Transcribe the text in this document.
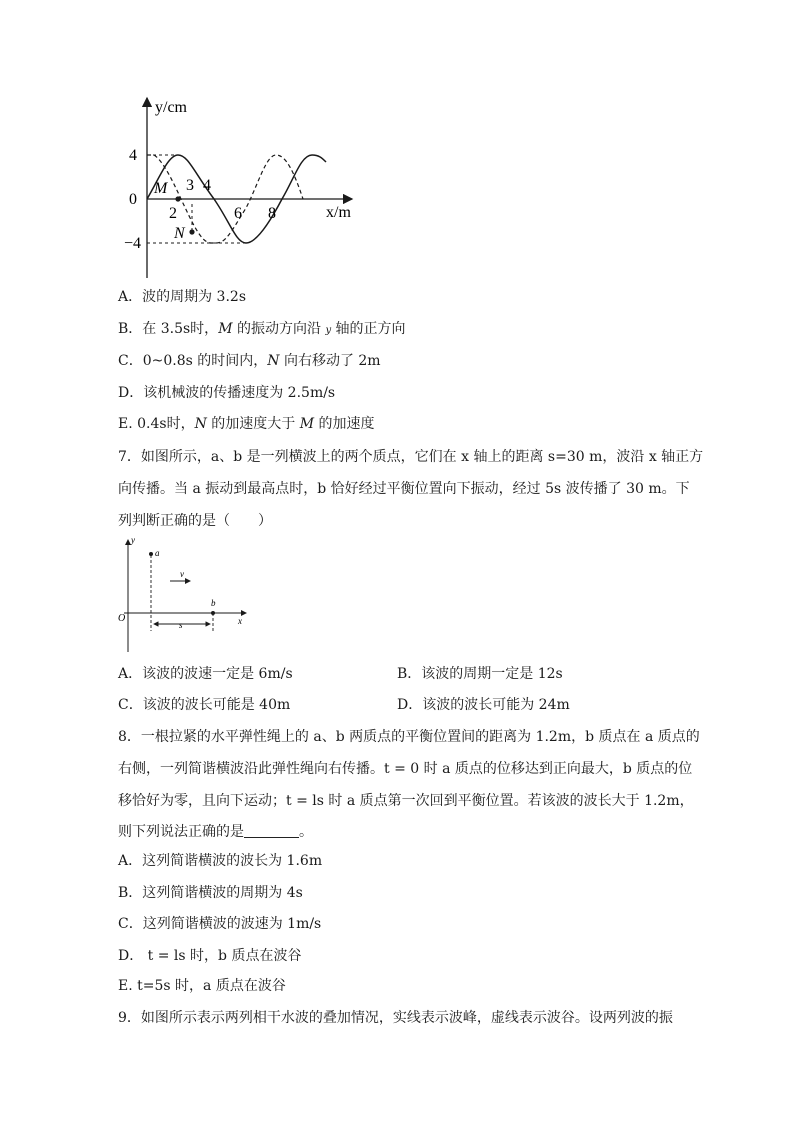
y/cm
x/m
4
0
−4
M 3 4
2	6 8
N
A．波的周期为 3.2s
B．在 3.5s时，M 的振动方向沿 y 轴的正方向
C．0~0.8s 的时间内，N 向右移动了 2m
D．该机械波的传播速度为 2.5m/s
E. 0.4s时，N 的加速度大于 M 的加速度
7．如图所示，a、b 是一列横波上的两个质点，它们在 x 轴上的距离 s=30 m，波沿 x 轴正方
向传播。当 a 振动到最高点时，b 恰好经过平衡位置向下振动，经过 5s 波传播了 30 m。下
列判断正确的是（　　）
y
a
v
b
O	x
s
A．该波的波速一定是 6m/s	B．该波的周期一定是 12s
C．该波的波长可能是 40m	D．该波的波长可能为 24m
8．一根拉紧的水平弹性绳上的 a、b 两质点的平衡位置间的距离为 1.2m，b 质点在 a 质点的
右侧，一列简谐横波沿此弹性绳向右传播。t = 0 时 a 质点的位移达到正向最大，b 质点的位
移恰好为零，且向下运动；t = ls 时 a 质点第一次回到平衡位置。若该波的波长大于 1.2m，
则下列说法正确的是	。
A．这列简谐横波的波长为 1.6m
B．这列简谐横波的周期为 4s
C．这列简谐横波的波速为 1m/s
D． t = ls 时，b 质点在波谷
E. t=5s 时，a 质点在波谷
9．如图所示表示两列相干水波的叠加情况，实线表示波峰，虚线表示波谷。设两列波的振
